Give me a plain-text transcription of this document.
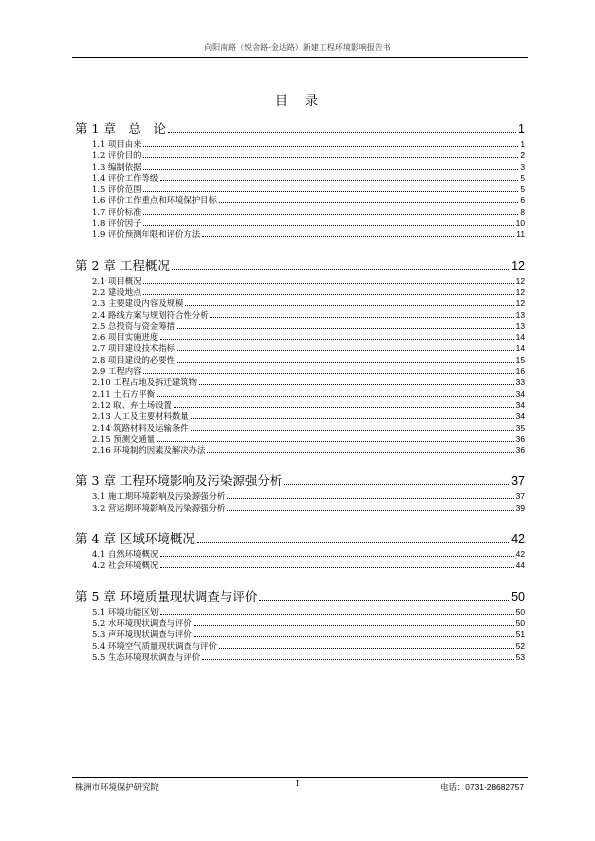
向阳南路（悦舍路-金达路）新建工程环境影响报告书
目　录
第 1 章　总　论	1
1.1 项目由来	1
1.2 评价目的	2
1.3 编制依据	3
1.4 评价工作等级	5
1.5 评价范围	5
1.6 评价工作重点和环境保护目标	6
1.7 评价标准	8
1.8 评价因子	10
1.9 评价预测年限和评价方法	11
第 2 章 工程概况	12
2.1 项目概况	12
2.2 建设地点	12
2.3 主要建设内容及规模	12
2.4 路线方案与规划符合性分析	13
2.5 总投资与资金筹措	13
2.6 项目实施进度	14
2.7 项目建设技术指标	14
2.8 项目建设的必要性	15
2.9 工程内容	16
2.10 工程占地及拆迁建筑物	33
2.11 土石方平衡	34
2.12 取、弃土场设置	34
2.13 人工及主要材料数量	34
2.14 筑路材料及运输条件	35
2.15 预测交通量	36
2.16 环境制约因素及解决办法	36
第 3 章 工程环境影响及污染源强分析	37
3.1 施工期环境影响及污染源强分析	37
3.2 营运期环境影响及污染源强分析	39
第 4 章 区域环境概况	42
4.1 自然环境概况	42
4.2 社会环境概况	44
第 5 章 环境质量现状调查与评价	50
5.1 环境功能区划	50
5.2 水环境现状调查与评价	50
5.3 声环境现状调查与评价	51
5.4 环境空气质量现状调查与评价	52
5.5 生态环境现状调查与评价	53
株洲市环境保护研究院	I	电话：0731-28682757
